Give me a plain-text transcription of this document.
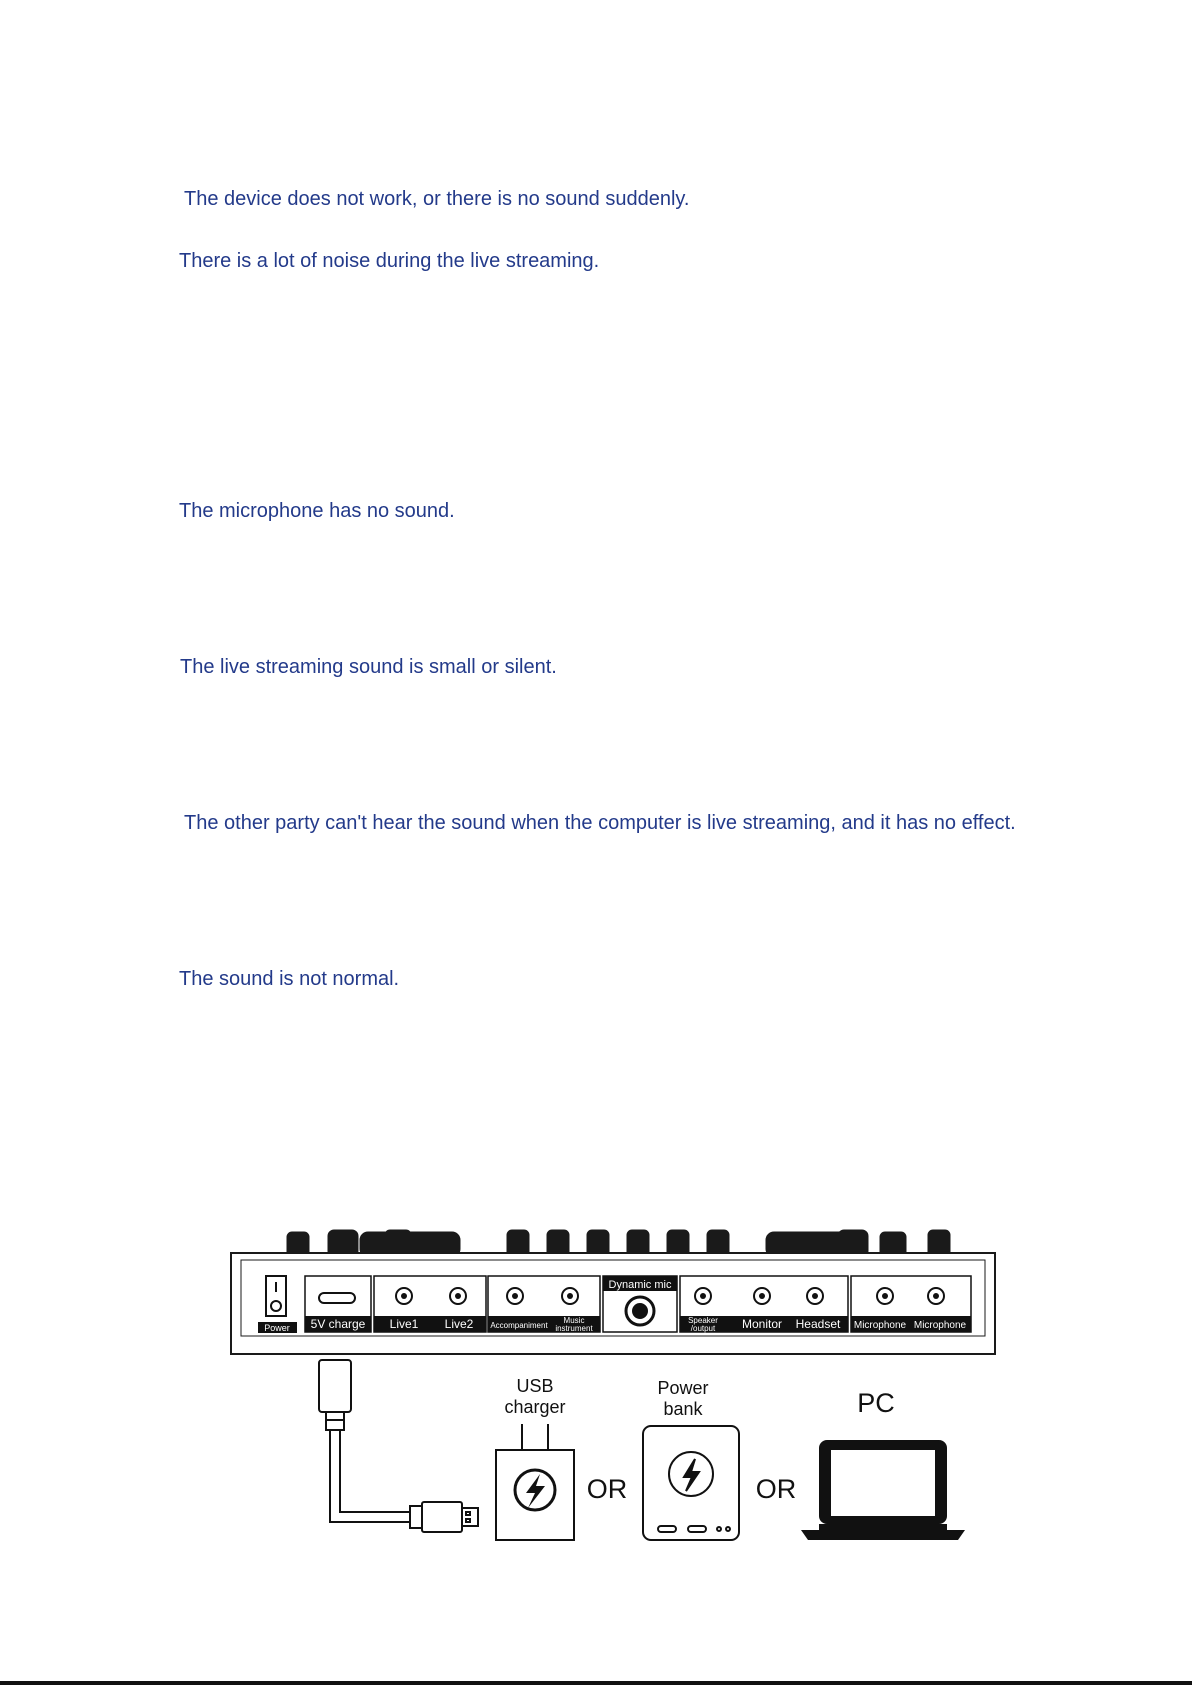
The device does not work, or there is no sound suddenly.
There is a lot of noise during the live streaming.
The microphone has no sound.
The live streaming sound is small or silent.
The other party can't hear the sound when the computer is live streaming, and it has no effect.
The sound is not normal.
Power 5V charge Live1 Live2 Accompaniment
Music
instrument
Dynamic mic
Speaker
/output Monitor Headset Microphone Microphone
USB
charger
OR
Power
bank
OR
PC
